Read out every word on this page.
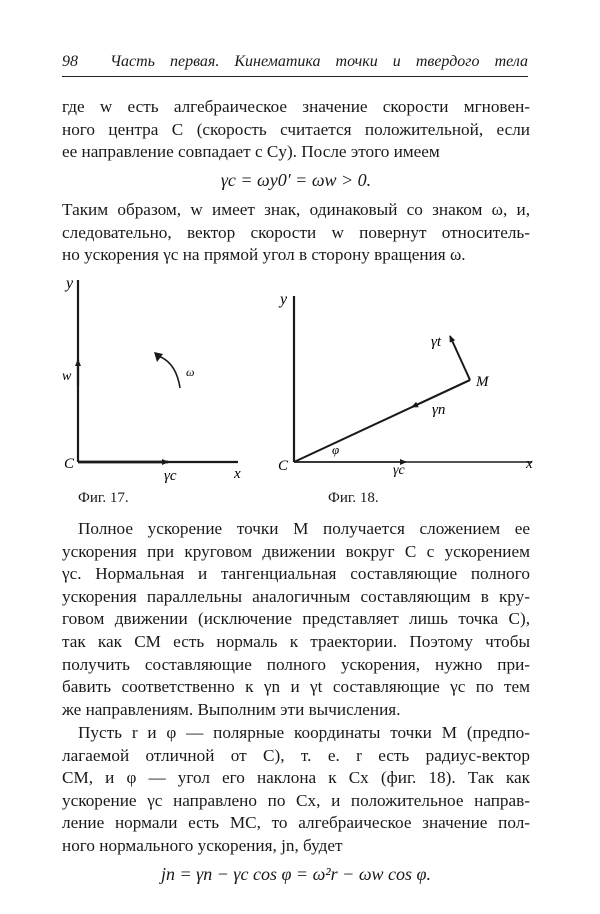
98 Часть первая. Кинематика точки и твердого тела
где w есть алгебраическое значение скорости мгновен-
ного центра C (скорость считается положительной, если
ее направление совпадает с Cy). После этого имеем
γc = ωy0′ = ωw > 0.
Таким образом, w имеет знак, одинаковый со знаком ω, и,
следовательно, вектор скорости w повернут относитель-
но ускорения γc на прямой угол в сторону вращения ω.
y
w	ω
C
γc	x
y
γt
M
γn
φ
C	γc	x
Фиг. 17.	Фиг. 18.
Полное ускорение точки M получается сложением ее
ускорения при круговом движении вокруг C с ускорением
γс. Нормальная и тангенциальная составляющие полного
ускорения параллельны аналогичным составляющим в кру-
говом движении (исключение представляет лишь точка C),
так как CM есть нормаль к траектории. Поэтому чтобы
получить составляющие полного ускорения, нужно при-
бавить соответственно к γn и γt составляющие γc по тем
же направлениям. Выполним эти вычисления.
Пусть r и φ — полярные координаты точки M (предпо-
лагаемой отличной от C), т. е. r есть радиус-вектор
CM, и φ — угол его наклона к Cx (фиг. 18). Так как
ускорение γc направлено по Cx, и положительное направ-
ление нормали есть MC, то алгебраическое значение пол-
ного нормального ускорения, jn, будет
jn = γn − γc cos φ = ω²r − ωw cos φ.
